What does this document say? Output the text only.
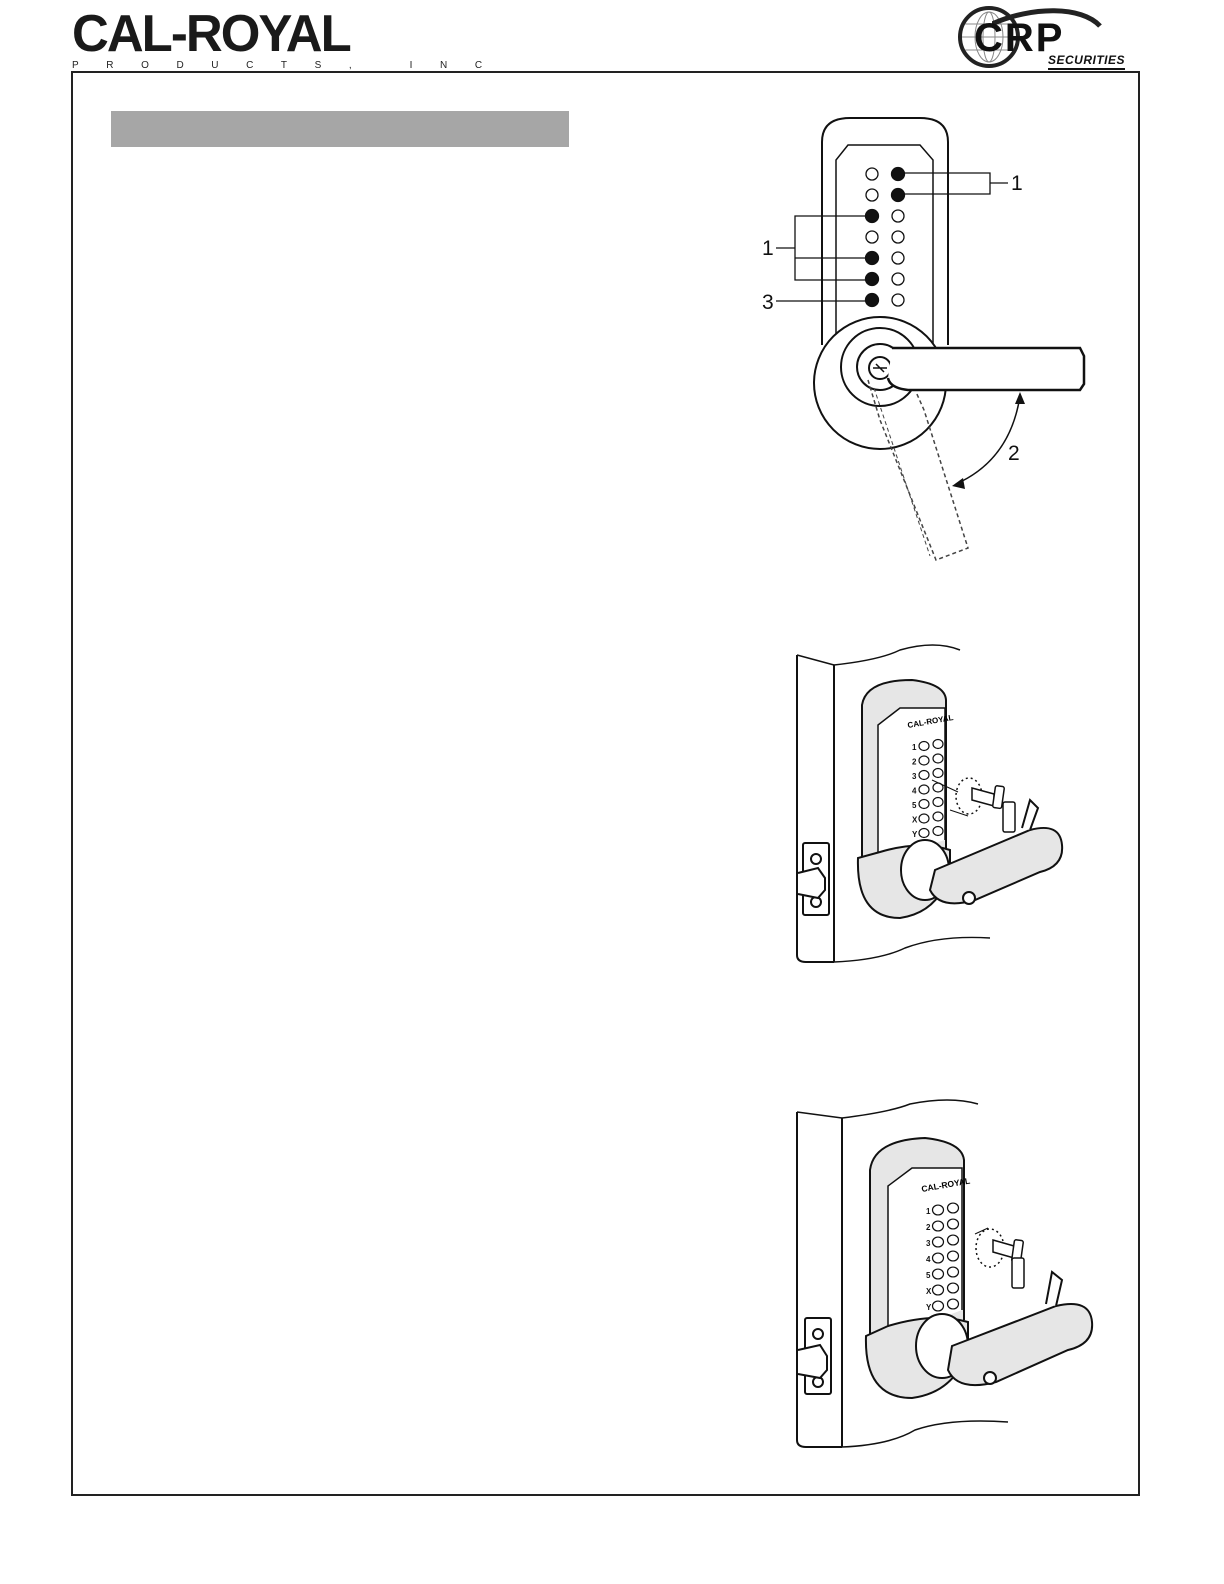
CAL-ROYAL
PRODUCTS, INC
CRP
SECURITIES
1
2
3
4
5
X
Y
CAL-ROYAL
1
2
3
4
5
X
Y
CAL-ROYAL
1
1
3
2
